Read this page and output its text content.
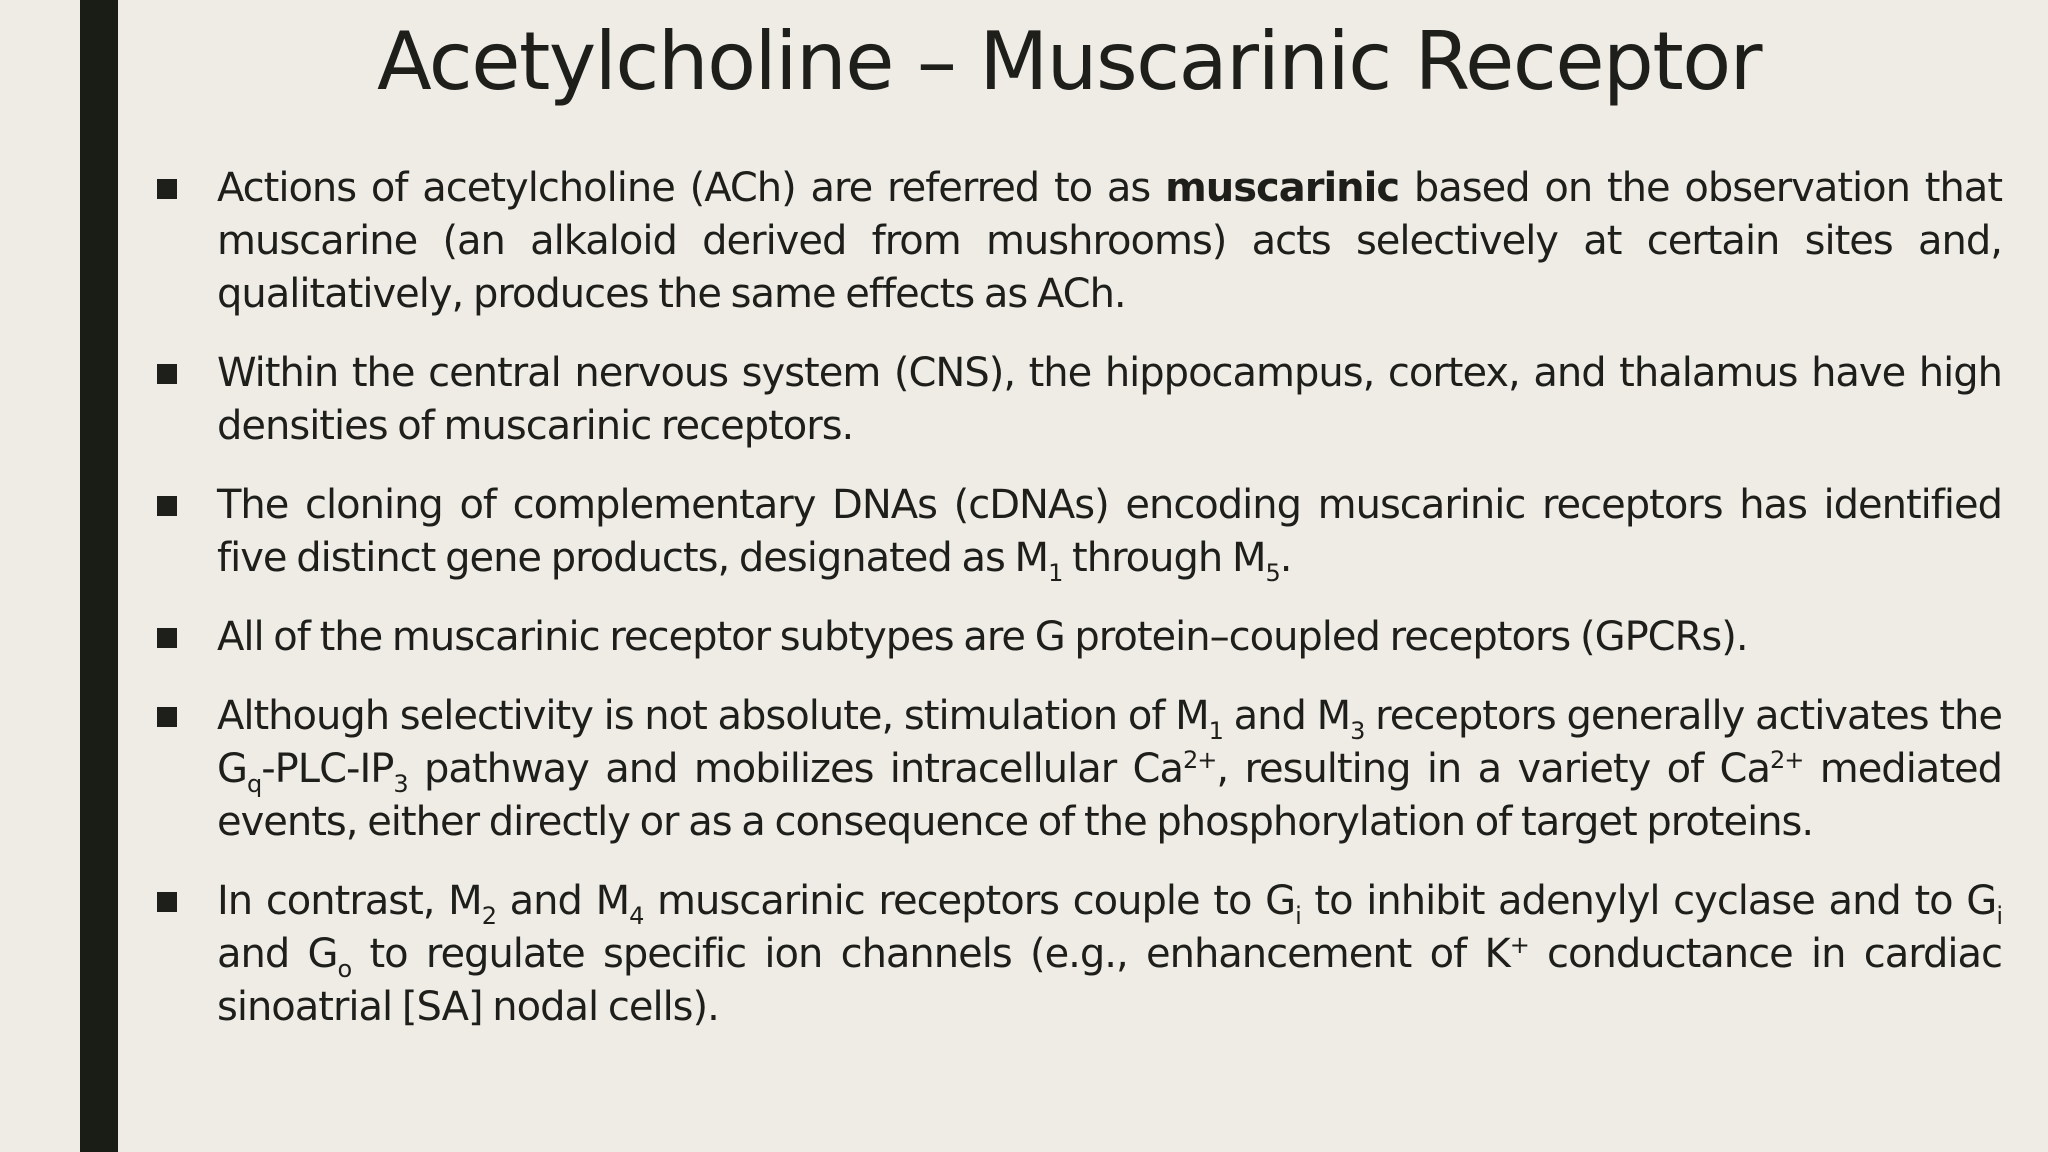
Acetylcholine – Muscarinic Receptor
Actions of acetylcholine (ACh) are referred to as muscarinic based on the observation that muscarine (an alkaloid derived from mushrooms) acts selectively at certain sites and, qualitatively, produces the same effects as ACh.
Within the central nervous system (CNS), the hippocampus, cortex, and thalamus have high densities of muscarinic receptors.
The cloning of complementary DNAs (cDNAs) encoding muscarinic receptors has identified five distinct gene products, designated as $M_1$ through $M_5$.
All of the muscarinic receptor subtypes are G protein–coupled receptors (GPCRs).
Although selectivity is not absolute, stimulation of $M_1$ and $M_3$ receptors generally activates the $G_q-PLC-IP_3$ pathway and mobilizes intracellular $Ca^{2+}$, resulting in a variety of $Ca^{2+}$ mediated events, either directly or as a consequence of the phosphorylation of target proteins.
In contrast, $M_2$ and $M_4$ muscarinic receptors couple to $G_i$ to inhibit adenylyl cyclase and to $G_i$ and $G_o$ to regulate specific ion channels (e.g., enhancement of K+ conductance in cardiac sinoatrial [SA] nodal cells).
